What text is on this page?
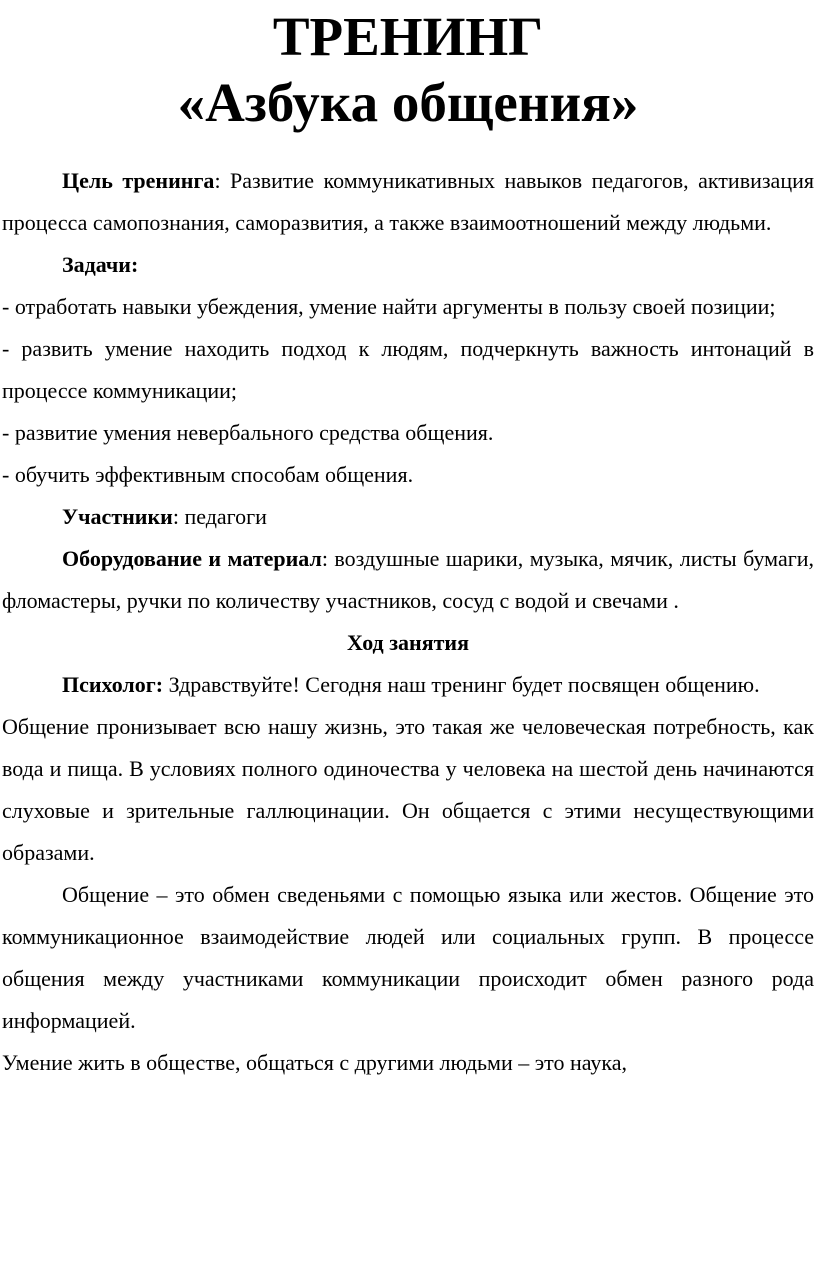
ТРЕНИНГ
«Азбука общения»

Цель тренинга: Развитие коммуникативных навыков педагогов, активизация процесса самопознания, саморазвития, а также взаимоотношений между людьми.

Задачи:

- отработать навыки убеждения, умение найти аргументы в пользу своей позиции;

- развить умение находить подход к людям, подчеркнуть важность интонаций в процессе коммуникации;

- развитие умения невербального средства общения.

- обучить эффективным способам общения.

Участники: педагоги

Оборудование и материал: воздушные шарики, музыка, мячик, листы бумаги, фломастеры, ручки по количеству участников, сосуд с водой и свечами .

Ход занятия

Психолог: Здравствуйте! Сегодня наш тренинг будет посвящен общению.

Общение пронизывает всю нашу жизнь, это такая же человеческая потребность, как вода и пища. В условиях полного одиночества у человека на шестой день начинаются слуховые и зрительные галлюцинации. Он общается с этими несуществующими образами.

Общение – это обмен сведеньями с помощью языка или жестов. Общение это коммуникационное взаимодействие людей или социальных групп. В процессе общения между участниками коммуникации происходит обмен разного рода информацией.

Умение жить в обществе, общаться с другими людьми – это наука,
